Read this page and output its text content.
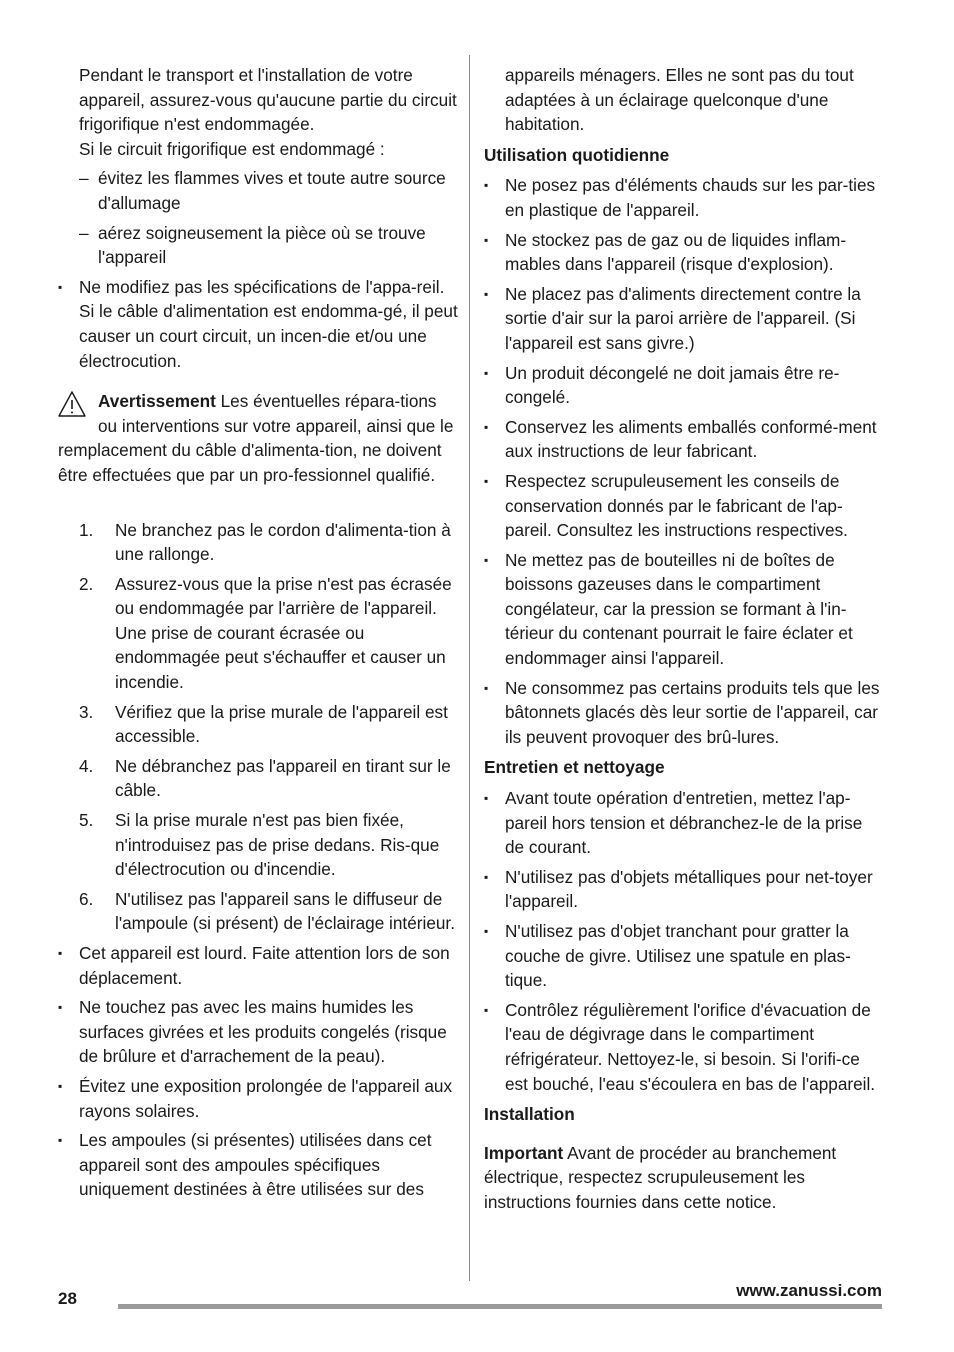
Pendant le transport et l'installation de votre appareil, assurez-vous qu'aucune partie du circuit frigorifique n'est endommagée.

Si le circuit frigorifique est endommagé :

– évitez les flammes vives et toute autre source d'allumage
– aérez soigneusement la pièce où se trouve l'appareil
▪ Ne modifiez pas les spécifications de l'appa-reil. Si le câble d'alimentation est endomma-gé, il peut causer un court circuit, un incen-die et/ou une électrocution.
Avertissement Les éventuelles répara-tions ou interventions sur votre appareil, ainsi que le remplacement du câble d'alimenta-tion, ne doivent être effectuées que par un pro-fessionnel qualifié.
1. Ne branchez pas le cordon d'alimenta-tion à une rallonge.
2. Assurez-vous que la prise n'est pas écrasée ou endommagée par l'arrière de l'appareil. Une prise de courant écrasée ou endommagée peut s'échauffer et causer un incendie.
3. Vérifiez que la prise murale de l'appareil est accessible.
4. Ne débranchez pas l'appareil en tirant sur le câble.
5. Si la prise murale n'est pas bien fixée, n'introduisez pas de prise dedans. Ris-que d'électrocution ou d'incendie.
6. N'utilisez pas l'appareil sans le diffuseur de l'ampoule (si présent) de l'éclairage intérieur.
▪ Cet appareil est lourd. Faite attention lors de son déplacement.
▪ Ne touchez pas avec les mains humides les surfaces givrées et les produits congelés (risque de brûlure et d'arrachement de la peau).
▪ Évitez une exposition prolongée de l'appareil aux rayons solaires.
▪ Les ampoules (si présentes) utilisées dans cet appareil sont des ampoules spécifiques uniquement destinées à être utilisées sur des

appareils ménagers. Elles ne sont pas du tout adaptées à un éclairage quelconque d'une habitation.

Utilisation quotidienne
▪ Ne posez pas d'éléments chauds sur les par-ties en plastique de l'appareil.
▪ Ne stockez pas de gaz ou de liquides inflam-mables dans l'appareil (risque d'explosion).
▪ Ne placez pas d'aliments directement contre la sortie d'air sur la paroi arrière de l'appareil. (Si l'appareil est sans givre.)
▪ Un produit décongelé ne doit jamais être re-congelé.
▪ Conservez les aliments emballés conformé-ment aux instructions de leur fabricant.
▪ Respectez scrupuleusement les conseils de conservation donnés par le fabricant de l'ap-pareil. Consultez les instructions respectives.
▪ Ne mettez pas de bouteilles ni de boîtes de boissons gazeuses dans le compartiment congélateur, car la pression se formant à l'in-térieur du contenant pourrait le faire éclater et endommager ainsi l'appareil.
▪ Ne consommez pas certains produits tels que les bâtonnets glacés dès leur sortie de l'appareil, car ils peuvent provoquer des brû-lures.
Entretien et nettoyage
▪ Avant toute opération d'entretien, mettez l'ap-pareil hors tension et débranchez-le de la prise de courant.
▪ N'utilisez pas d'objets métalliques pour net-toyer l'appareil.
▪ N'utilisez pas d'objet tranchant pour gratter la couche de givre. Utilisez une spatule en plas-tique.
▪ Contrôlez régulièrement l'orifice d'évacuation de l'eau de dégivrage dans le compartiment réfrigérateur. Nettoyez-le, si besoin. Si l'orifi-ce est bouché, l'eau s'écoulera en bas de l'appareil.
Installation

Important Avant de procéder au branchement électrique, respectez scrupuleusement les instructions fournies dans cette notice.

28	www.zanussi.com
